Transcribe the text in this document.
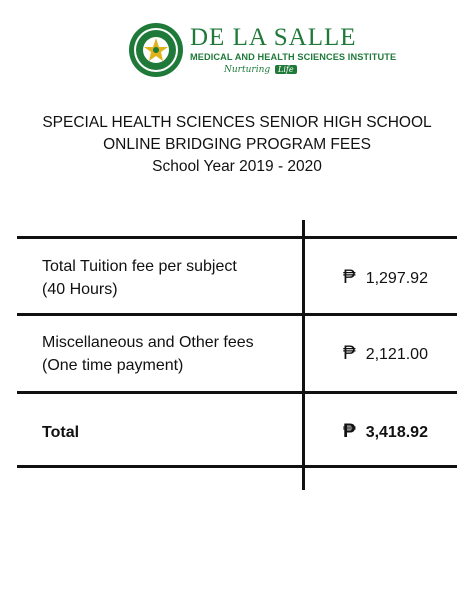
DE LA SALLE
MEDICAL AND HEALTH SCIENCES INSTITUTE
Nurturing Life
SPECIAL HEALTH SCIENCES SENIOR HIGH SCHOOL
ONLINE BRIDGING PROGRAM FEES
School Year 2019 - 2020
Total Tuition fee per subject
(40 Hours)
₱ 1,297.92
Miscellaneous and Other fees
(One time payment)
₱ 2,121.00
Total	₱ 3,418.92
